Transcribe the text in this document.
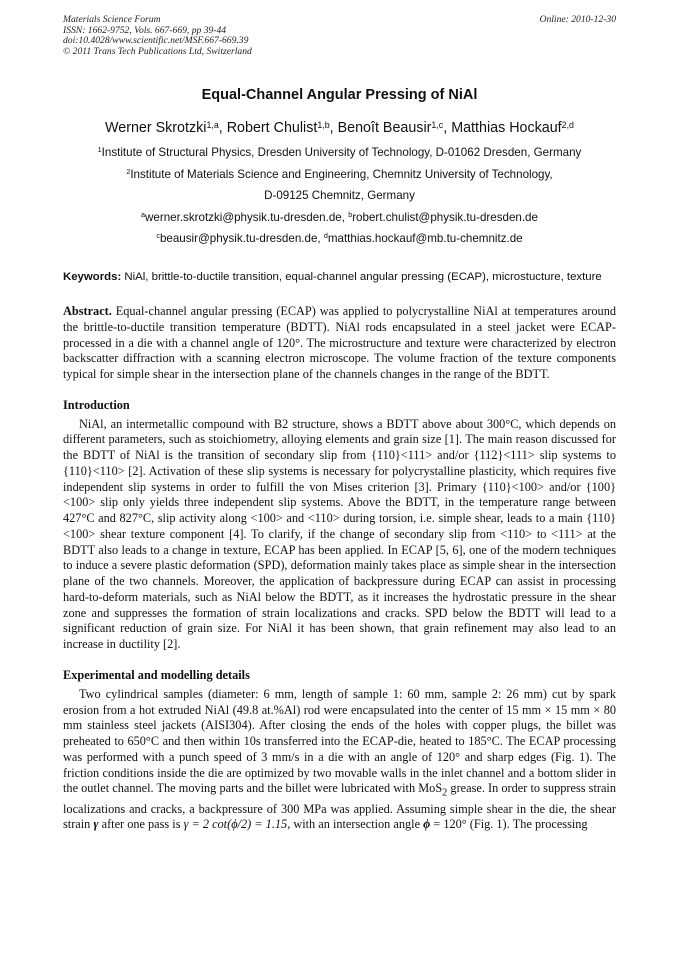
Materials Science Forum
ISSN: 1662-9752, Vols. 667-669, pp 39-44
doi:10.4028/www.scientific.net/MSF.667-669.39
© 2011 Trans Tech Publications Ltd, Switzerland
Online: 2010-12-30
Equal-Channel Angular Pressing of NiAl
Werner Skrotzki$^{1,a}$, Robert Chulist$^{1,b}$, Benoît Beausir$^{1,c}$, Matthias Hockauf$^{2,d}$
$^1$Institute of Structural Physics, Dresden University of Technology, D-01062 Dresden, Germany
$^2$Institute of Materials Science and Engineering, Chemnitz University of Technology,
D-09125 Chemnitz, Germany
$^a$werner.skrotzki@physik.tu-dresden.de, $^b$robert.chulist@physik.tu-dresden.de
$^c$beausir@physik.tu-dresden.de, $^d$matthias.hockauf@mb.tu-chemnitz.de
Keywords: NiAl, brittle-to-ductile transition, equal-channel angular pressing (ECAP), microstucture, texture
Abstract. Equal-channel angular pressing (ECAP) was applied to polycrystalline NiAl at temperatures around the brittle-to-ductile transition temperature (BDTT). NiAl rods encapsulated in a steel jacket were ECAP-processed in a die with a channel angle of 120°. The microstructure and texture were characterized by electron backscatter diffraction with a scanning electron microscope. The volume fraction of the texture components typical for simple shear in the intersection plane of the channels changes in the range of the BDTT.
Introduction
NiAl, an intermetallic compound with B2 structure, shows a BDTT above about 300°C, which depends on different parameters, such as stoichiometry, alloying elements and grain size [1]. The main reason discussed for the BDTT of NiAl is the transition of secondary slip from {110}<111> and/or {112}<111> slip systems to {110}<110> [2]. Activation of these slip systems is necessary for polycrystalline plasticity, which requires five independent slip systems in order to fulfill the von Mises criterion [3]. Primary {110}<100> and/or {100}<100> slip only yields three independent slip systems. Above the BDTT, in the temperature range between 427°C and 827°C, slip activity along <100> and <110> during torsion, i.e. simple shear, leads to a main {110}<100> shear texture component [4]. To clarify, if the change of secondary slip from <110> to <111> at the BDTT also leads to a change in texture, ECAP has been applied. In ECAP [5, 6], one of the modern techniques to induce a severe plastic deformation (SPD), deformation mainly takes place as simple shear in the intersection plane of the two channels. Moreover, the application of backpressure during ECAP can assist in processing hard-to-deform materials, such as NiAl below the BDTT, as it increases the hydrostatic pressure in the shear zone and suppresses the formation of strain localizations and cracks. SPD below the BDTT will lead to a significant reduction of grain size. For NiAl it has been shown, that grain refinement may also lead to an increase in ductility [2].
Experimental and modelling details
Two cylindrical samples (diameter: 6 mm, length of sample 1: 60 mm, sample 2: 26 mm) cut by spark erosion from a hot extruded NiAl (49.8 at.%Al) rod were encapsulated into the center of 15 mm × 15 mm × 80 mm stainless steel jackets (AISI304). After closing the ends of the holes with copper plugs, the billet was preheated to 650°C and then within 10s transferred into the ECAP-die, heated to 185°C. The ECAP processing was performed with a punch speed of 3 mm/s in a die with an angle of 120° and sharp edges (Fig. 1). The friction conditions inside the die are optimized by two movable walls in the inlet channel and a bottom slider in the outlet channel. The moving parts and the billet were lubricated with MoS$_2$ grease. In order to suppress strain localizations and cracks, a backpressure of 300 MPa was applied. Assuming simple shear in the die, the shear strain γ after one pass is γ = 2 cot(ϕ/2) = 1.15, with an intersection angle ϕ = 120° (Fig. 1). The processing
